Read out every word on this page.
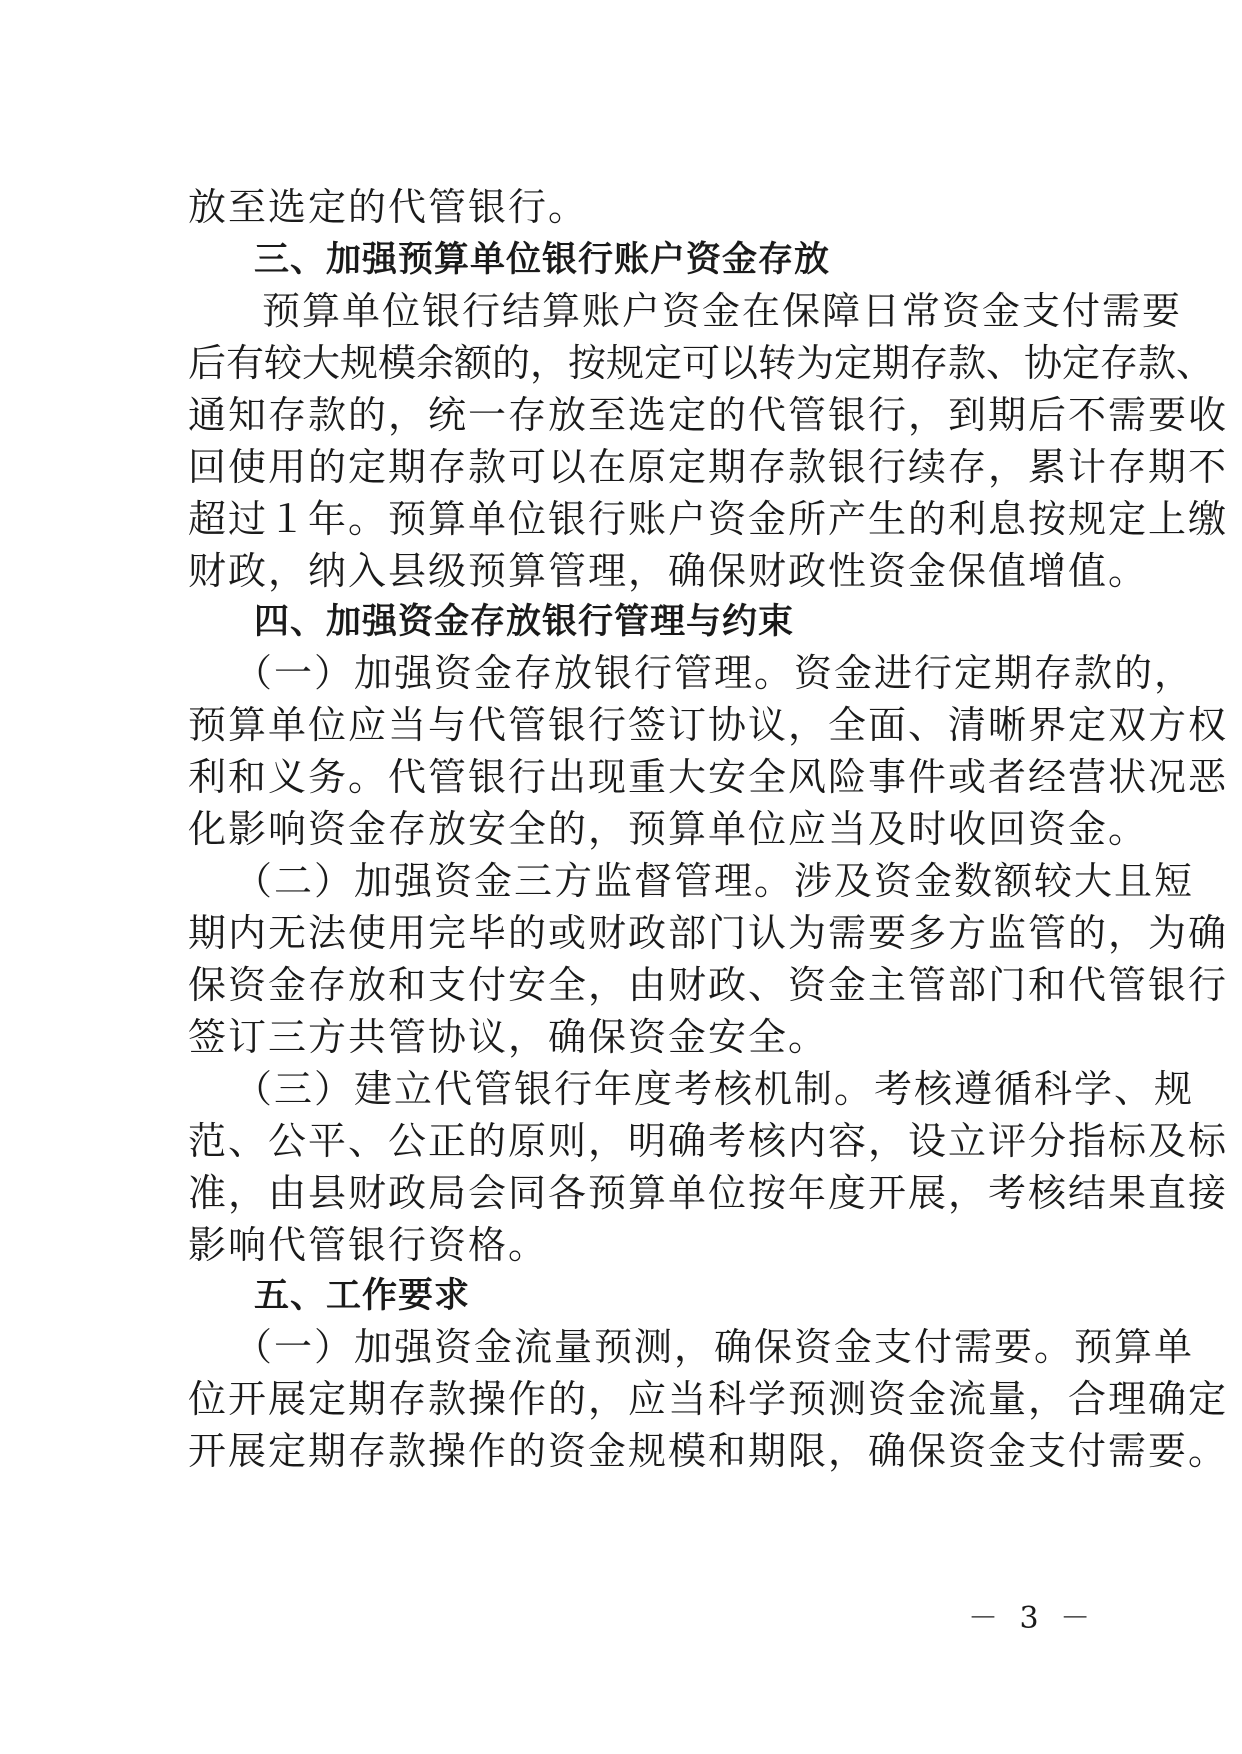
放至选定的代管银行。
三、加强预算单位银行账户资金存放
预算单位银行结算账户资金在保障日常资金支付需要
后有较大规模余额的，按规定可以转为定期存款、协定存款、
通知存款的，统一存放至选定的代管银行，到期后不需要收
回使用的定期存款可以在原定期存款银行续存，累计存期不
超过１年。预算单位银行账户资金所产生的利息按规定上缴
财政，纳入县级预算管理，确保财政性资金保值增值。
四、加强资金存放银行管理与约束
（一）加强资金存放银行管理。资金进行定期存款的，
预算单位应当与代管银行签订协议，全面、清晰界定双方权
利和义务。代管银行出现重大安全风险事件或者经营状况恶
化影响资金存放安全的，预算单位应当及时收回资金。
（二）加强资金三方监督管理。涉及资金数额较大且短
期内无法使用完毕的或财政部门认为需要多方监管的，为确
保资金存放和支付安全，由财政、资金主管部门和代管银行
签订三方共管协议，确保资金安全。
（三）建立代管银行年度考核机制。考核遵循科学、规
范、公平、公正的原则，明确考核内容，设立评分指标及标
准，由县财政局会同各预算单位按年度开展，考核结果直接
影响代管银行资格。
五、工作要求
（一）加强资金流量预测，确保资金支付需要。预算单
位开展定期存款操作的，应当科学预测资金流量，合理确定
开展定期存款操作的资金规模和期限，确保资金支付需要。
－ 3 －
